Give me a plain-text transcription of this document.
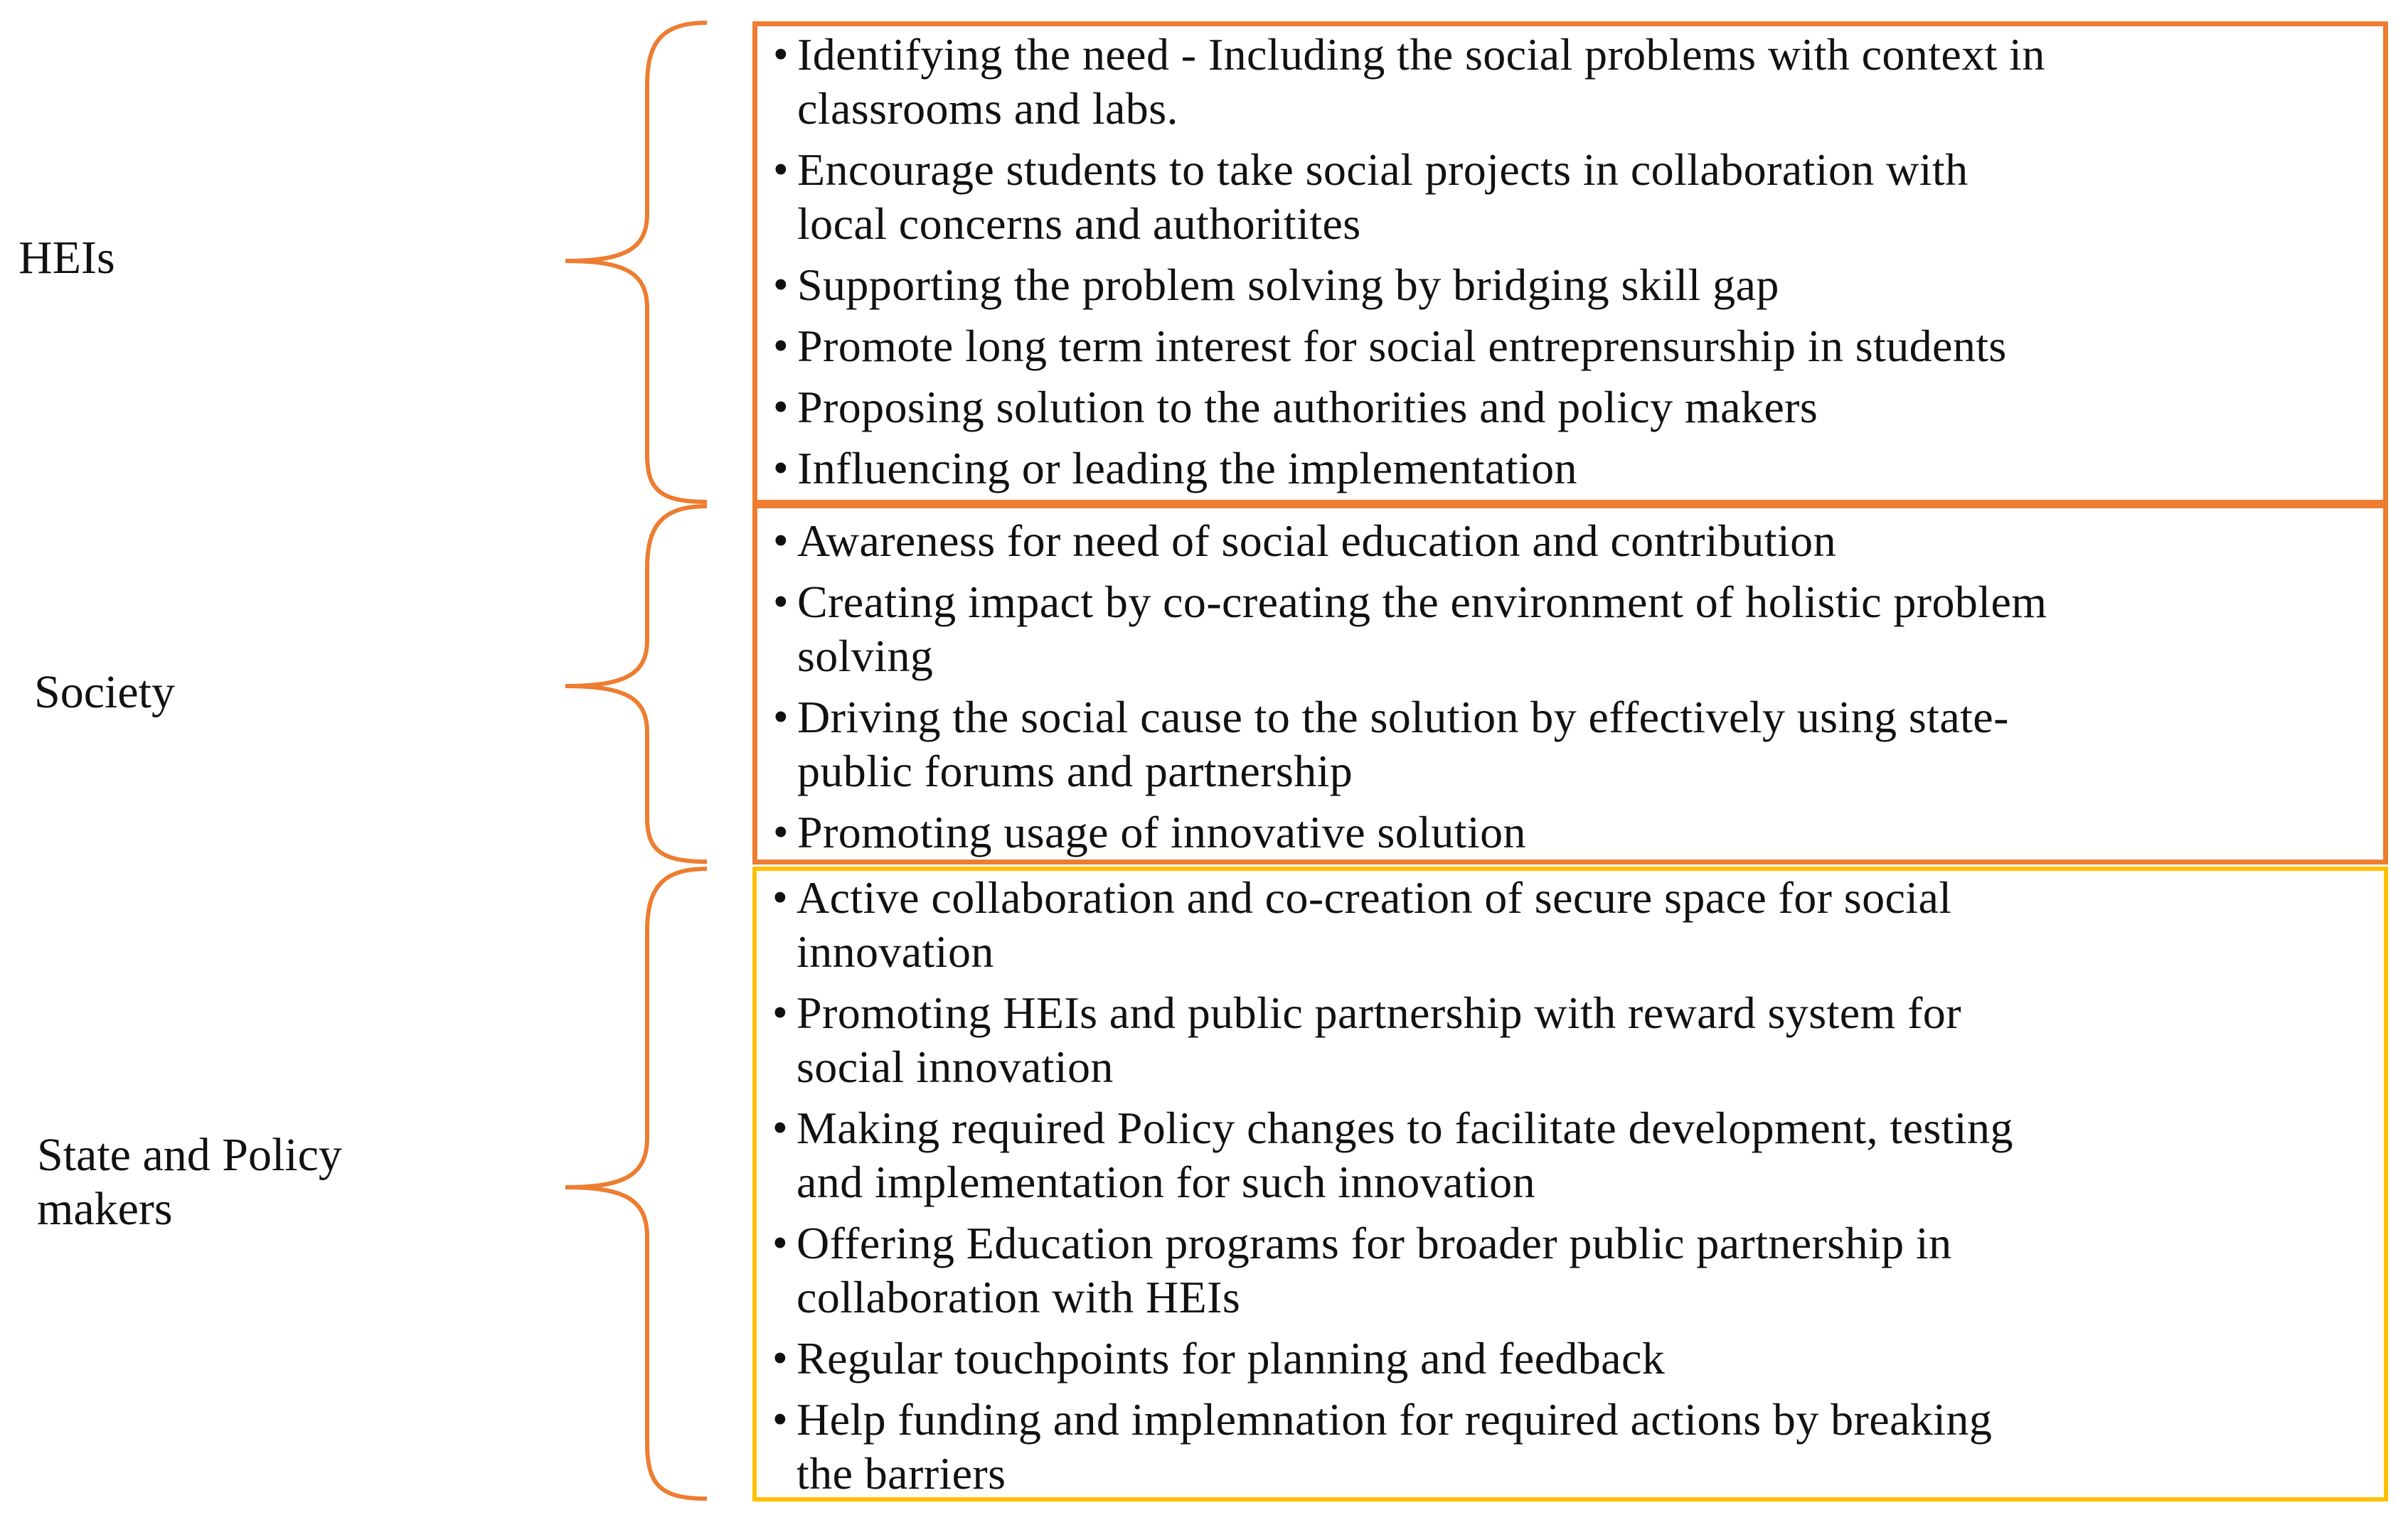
HEIs
Society
State and Policy
makers
• Identifying the need - Including the social problems with context in
classrooms and labs.
• Encourage students to take social projects in collaboration with
local concerns and authoritites
• Supporting the problem solving by bridging skill gap
• Promote long term interest for social entreprensurship in students
• Proposing solution to the authorities and policy makers
• Influencing or leading the implementation
• Awareness for need of social education and contribution
• Creating impact by co-creating the environment of holistic problem
solving
• Driving the social cause to the solution by effectively using state-
public forums and partnership
• Promoting usage of innovative solution
• Active collaboration and co-creation of secure space for social
innovation
• Promoting HEIs and public partnership with reward system for
social innovation
• Making required Policy changes to facilitate development, testing
and implementation for such innovation
• Offering Education programs for broader public partnership in
collaboration with HEIs
• Regular touchpoints for planning and feedback
• Help funding and implemnation for required actions by breaking
the barriers
